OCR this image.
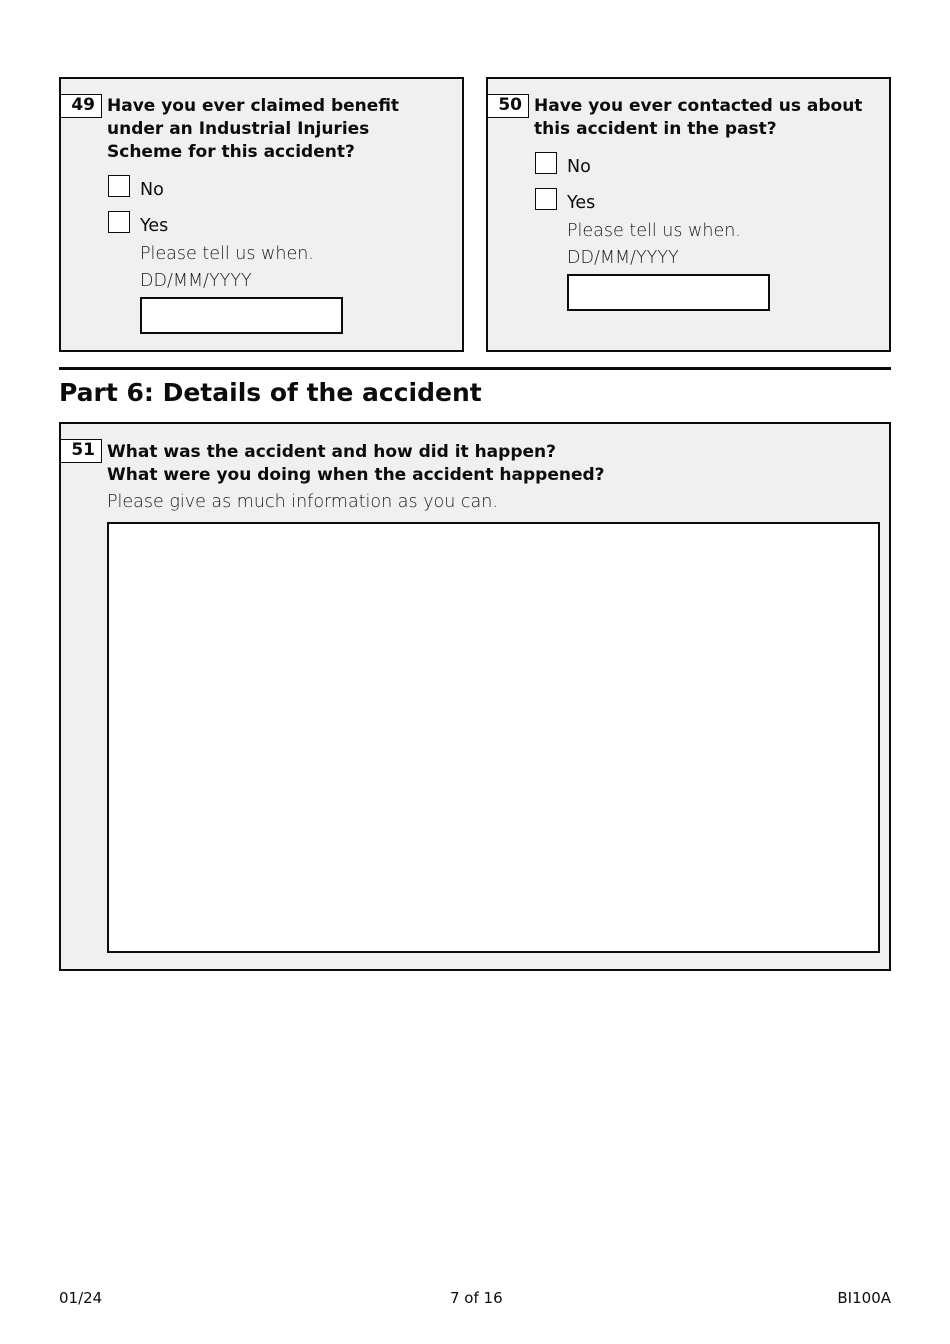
49 Have you ever claimed benefit
under an Industrial Injuries
Scheme for this accident?

No
Yes
Please tell us when.
DD/MM/YYYY
50 Have you ever contacted us about
this accident in the past?

No
Yes
Please tell us when.
DD/MM/YYYY
Part 6: Details of the accident
51 What was the accident and how did it happen?
What were you doing when the accident happened?

Please give as much information as you can.
01/24	7 of 16	BI100A
